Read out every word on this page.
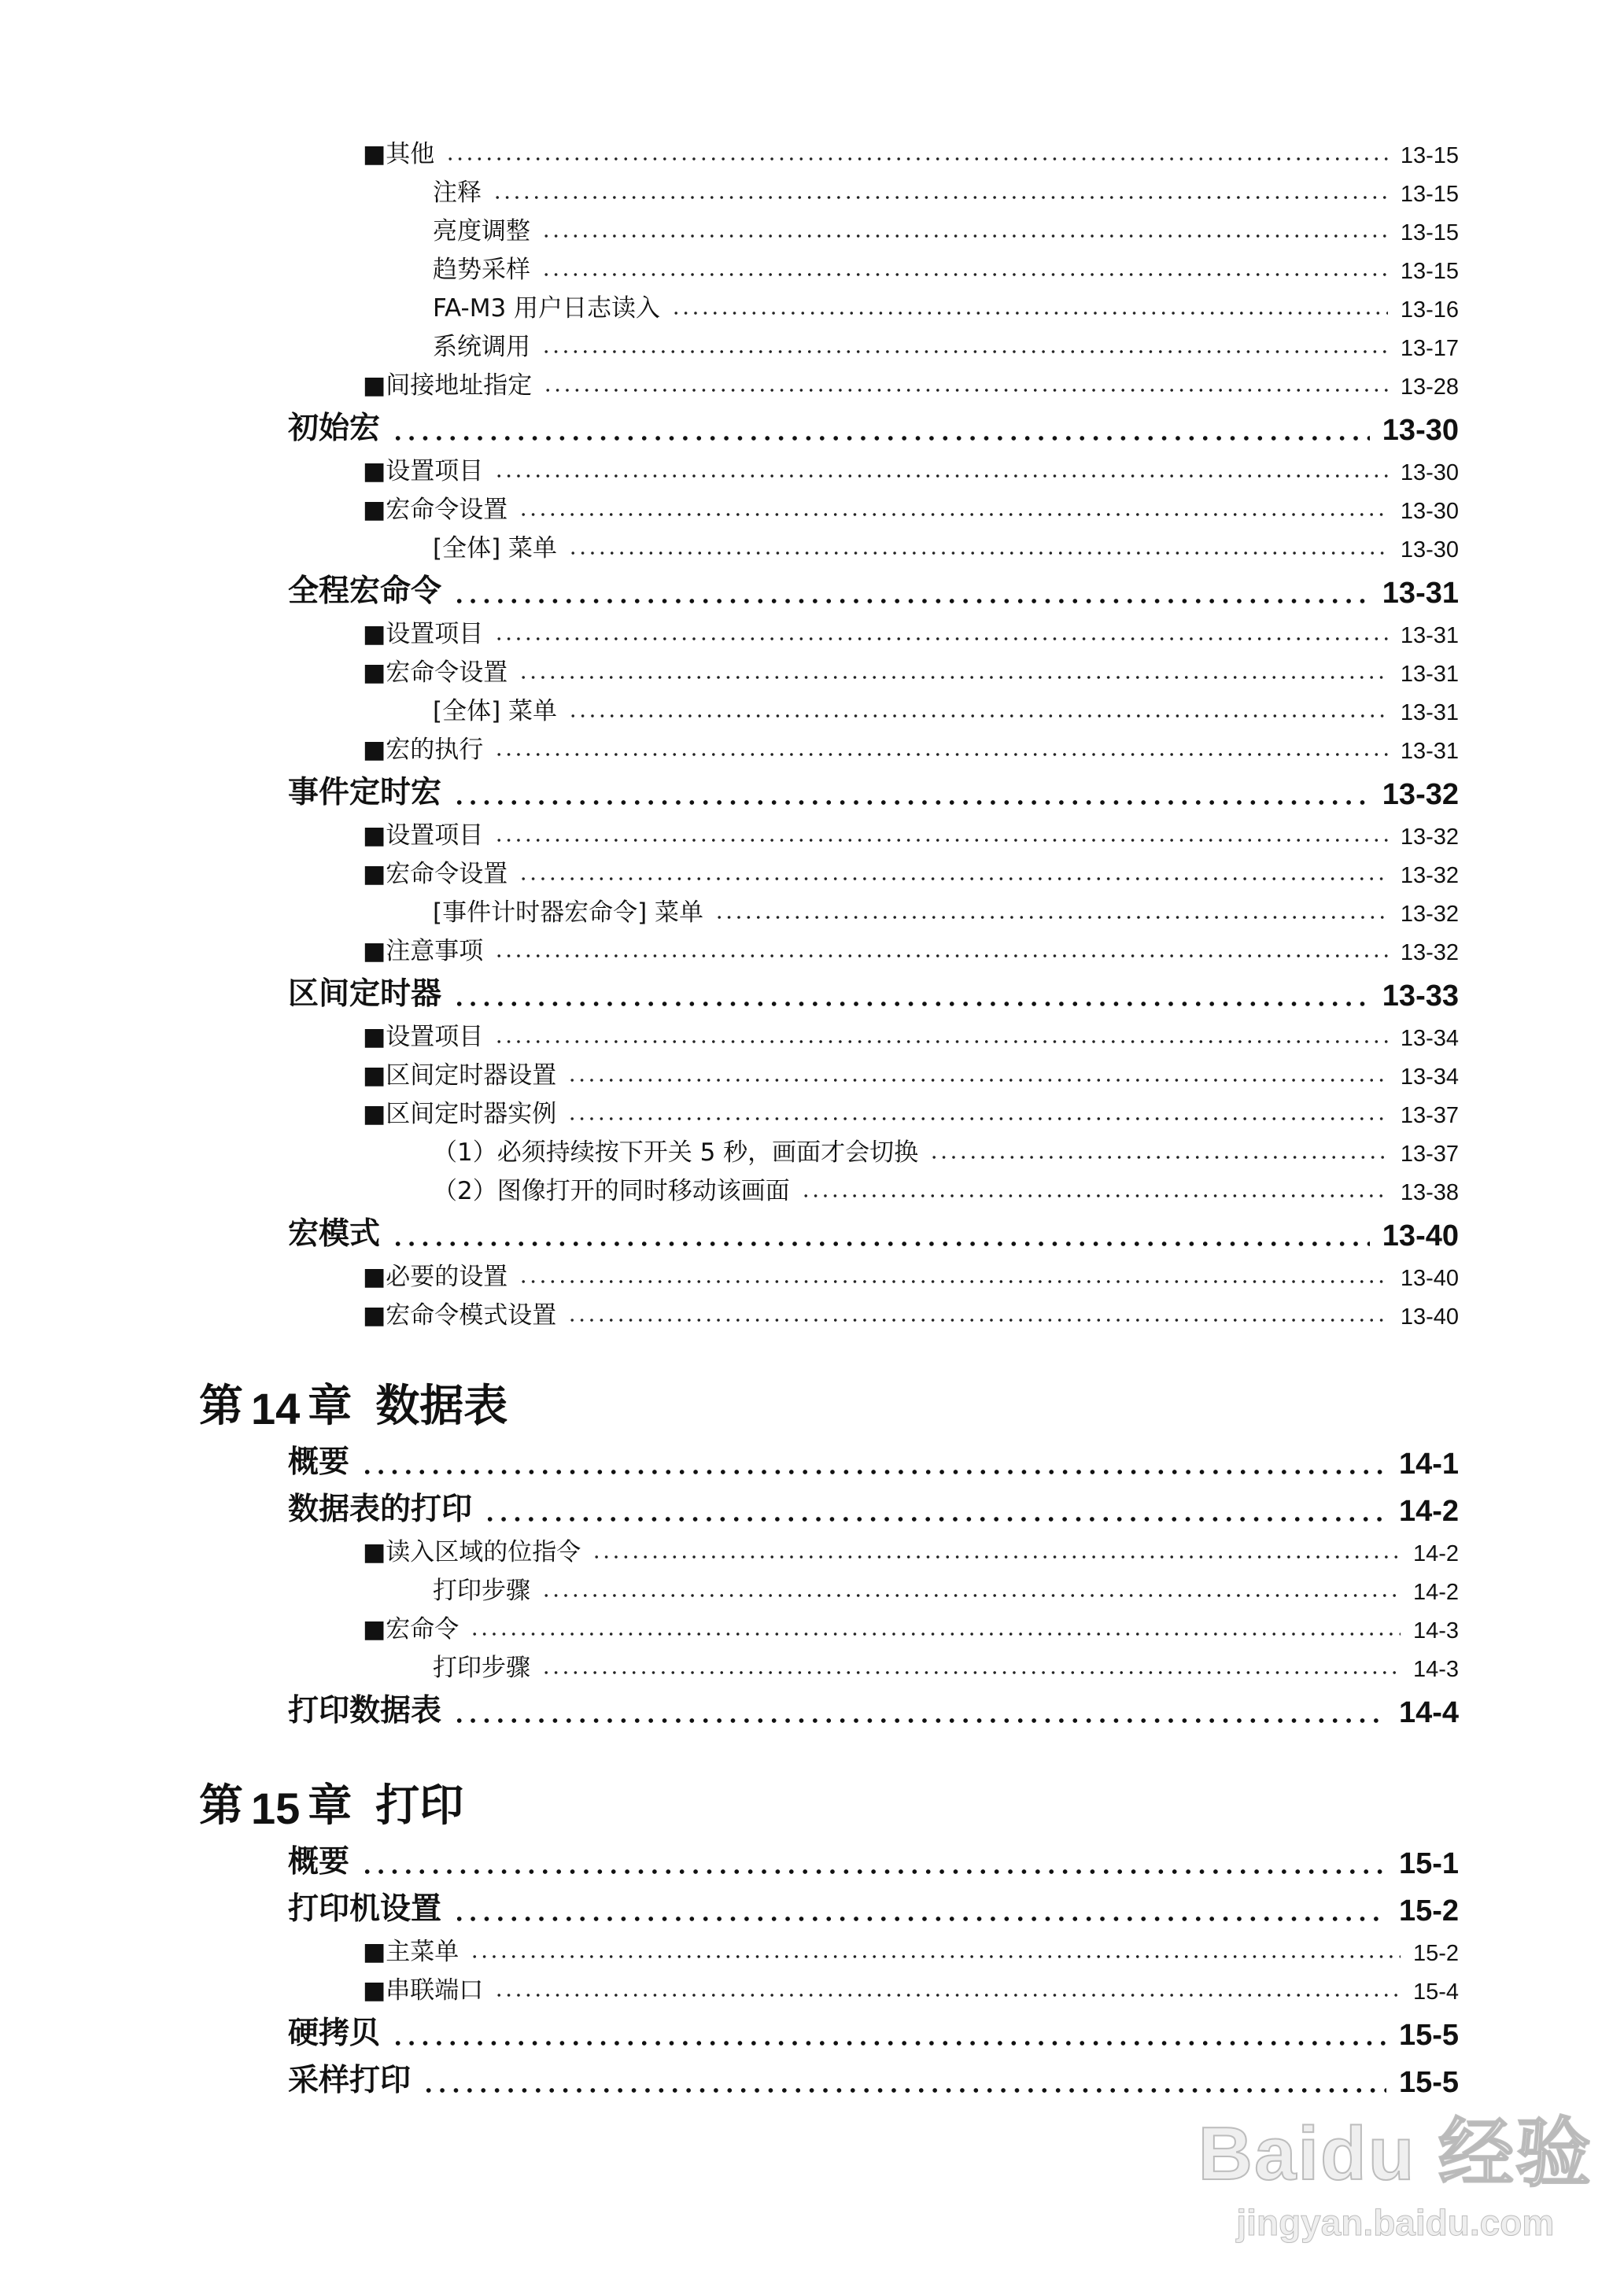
■其他	13-15
注释	13-15
亮度调整	13-15
趋势采样	13-15
FA-M3 用户日志读入	13-16
系统调用	13-17
■间接地址指定	13-28
初始宏	13-30
■设置项目	13-30
■宏命令设置	13-30
[全体] 菜单	13-30
全程宏命令	13-31
■设置项目	13-31
■宏命令设置	13-31
[全体] 菜单	13-31
■宏的执行	13-31
事件定时宏	13-32
■设置项目	13-32
■宏命令设置	13-32
[事件计时器宏命令] 菜单	13-32
■注意事项	13-32
区间定时器	13-33
■设置项目	13-34
■区间定时器设置	13-34
■区间定时器实例	13-37
（1）必须持续按下开关 5 秒，画面才会切换	13-37
（2）图像打开的同时移动该画面	13-38
宏模式	13-40
■必要的设置	13-40
■宏命令模式设置	13-40
第 14 章 数据表
概要	14-1
数据表的打印	14-2
■读入区域的位指令	14-2
打印步骤	14-2
■宏命令	14-3
打印步骤	14-3
打印数据表	14-4
第 15 章 打印
概要	15-1
打印机设置	15-2
■主菜单	15-2
■串联端口	15-4
硬拷贝	15-5
采样打印	15-5
Baidu 经验
jingyan.baidu.com
